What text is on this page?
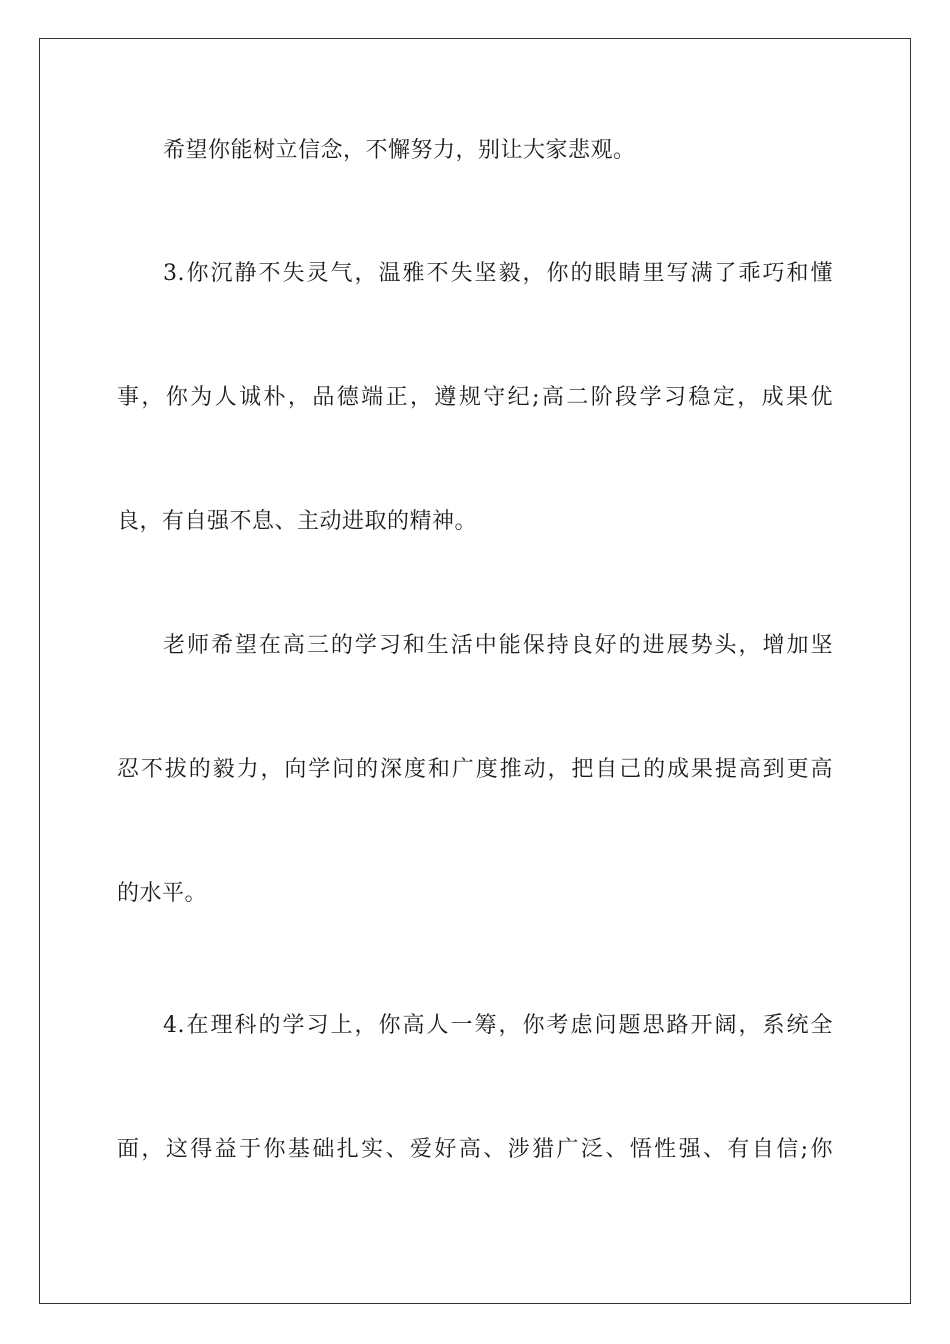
希望你能树立信念，不懈努力，别让大家悲观。
3.你沉静不失灵气，温雅不失坚毅，你的眼睛里写满了乖巧和懂
事，你为人诚朴，品德端正，遵规守纪;高二阶段学习稳定，成果优
良，有自强不息、主动进取的精神。
老师希望在高三的学习和生活中能保持良好的进展势头，增加坚
忍不拔的毅力，向学问的深度和广度推动，把自己的成果提高到更高
的水平。
4.在理科的学习上，你高人一筹，你考虑问题思路开阔，系统全
面，这得益于你基础扎实、爱好高、涉猎广泛、悟性强、有自信;你
